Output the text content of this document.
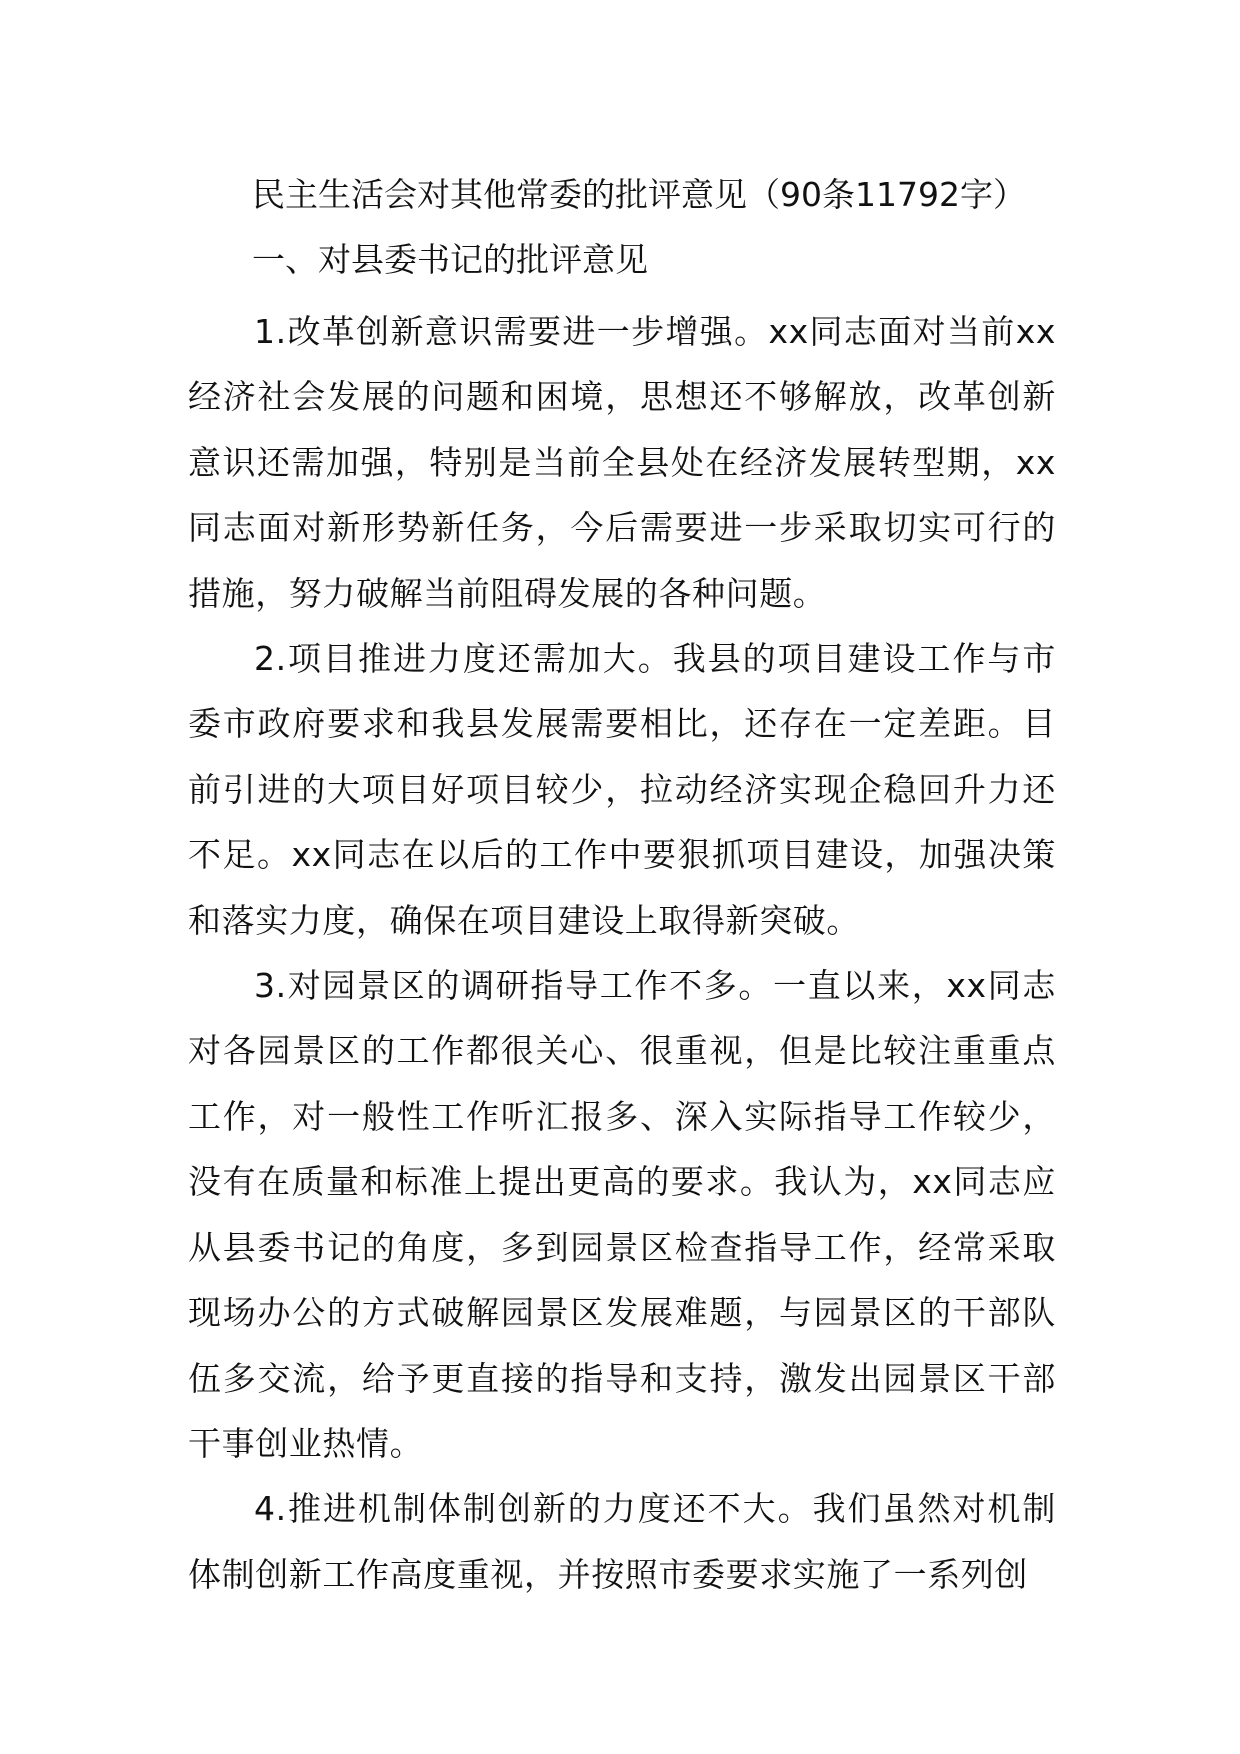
民主生活会对其他常委的批评意见（90条11792字）
一、对县委书记的批评意见

1.改革创新意识需要进一步增强。xx同志面对当前xx经济社会发展的问题和困境，思想还不够解放，改革创新意识还需加强，特别是当前全县处在经济发展转型期，xx同志面对新形势新任务，今后需要进一步采取切实可行的措施，努力破解当前阻碍发展的各种问题。

2.项目推进力度还需加大。我县的项目建设工作与市委市政府要求和我县发展需要相比，还存在一定差距。目前引进的大项目好项目较少，拉动经济实现企稳回升力还不足。xx同志在以后的工作中要狠抓项目建设，加强决策和落实力度，确保在项目建设上取得新突破。

3.对园景区的调研指导工作不多。一直以来，xx同志对各园景区的工作都很关心、很重视，但是比较注重重点工作，对一般性工作听汇报多、深入实际指导工作较少，没有在质量和标准上提出更高的要求。我认为，xx同志应从县委书记的角度，多到园景区检查指导工作，经常采取现场办公的方式破解园景区发展难题，与园景区的干部队伍多交流，给予更直接的指导和支持，激发出园景区干部干事创业热情。

4.推进机制体制创新的力度还不大。我们虽然对机制体制创新工作高度重视，并按照市委要求实施了一系列创
